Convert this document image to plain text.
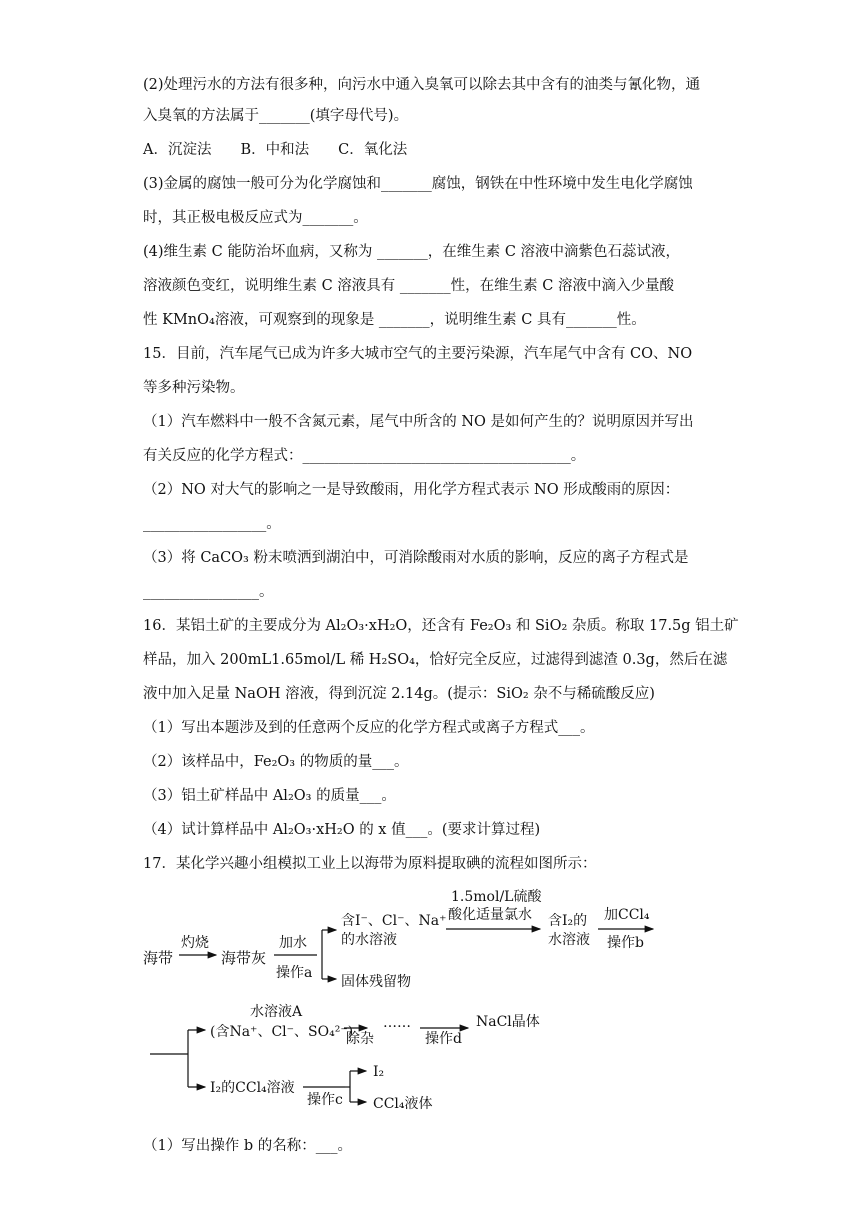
(2)处理污水的方法有很多种，向污水中通入臭氧可以除去其中含有的油类与氰化物，通
入臭氧的方法属于_______(填字母代号)。
A．沉淀法　　B．中和法　　C．氧化法
(3)金属的腐蚀一般可分为化学腐蚀和_______腐蚀，钢铁在中性环境中发生电化学腐蚀
时，其正极电极反应式为_______。
(4)维生素 C 能防治坏血病，又称为 _______，在维生素 C 溶液中滴紫色石蕊试液，
溶液颜色变红，说明维生素 C 溶液具有 _______性，在维生素 C 溶液中滴入少量酸
性 KMnO₄溶液，可观察到的现象是 _______，说明维生素 C 具有_______性。
15．目前，汽车尾气已成为许多大城市空气的主要污染源，汽车尾气中含有 CO、NO
等多种污染物。
（1）汽车燃料中一般不含氮元素，尾气中所含的 NO 是如何产生的？说明原因并写出
有关反应的化学方程式：_____________________________________。
（2）NO 对大气的影响之一是导致酸雨，用化学方程式表示 NO 形成酸雨的原因：
_________________。
（3）将 CaCO₃ 粉末喷洒到湖泊中，可消除酸雨对水质的影响，反应的离子方程式是
________________。
16．某铝土矿的主要成分为 Al₂O₃·xH₂O，还含有 Fe₂O₃ 和 SiO₂ 杂质。称取 17.5g 铝土矿
样品，加入 200mL1.65mol/L 稀 H₂SO₄，恰好完全反应，过滤得到滤渣 0.3g，然后在滤
液中加入足量 NaOH 溶液，得到沉淀 2.14g。(提示：SiO₂ 杂不与稀硫酸反应)
（1）写出本题涉及到的任意两个反应的化学方程式或离子方程式___。
（2）该样品中，Fe₂O₃ 的物质的量___。
（3）铝土矿样品中 Al₂O₃ 的质量___。
（4）试计算样品中 Al₂O₃·xH₂O 的 x 值___。(要求计算过程)
17．某化学兴趣小组模拟工业上以海带为原料提取碘的流程如图所示：
（1）写出操作 b 的名称：___。
海带
灼烧
海带灰
加水
操作a
含I⁻、Cl⁻、Na⁺
的水溶液
固体残留物
1.5mol/L硫酸
酸化适量氯水 含I₂的
水溶液
加CCl₄
操作b
水溶液A
(含Na⁺、Cl⁻、SO₄²⁻)
除杂
……
操作d
NaCl晶体
I₂的CCl₄溶液
操作c
I₂
CCl₄液体
